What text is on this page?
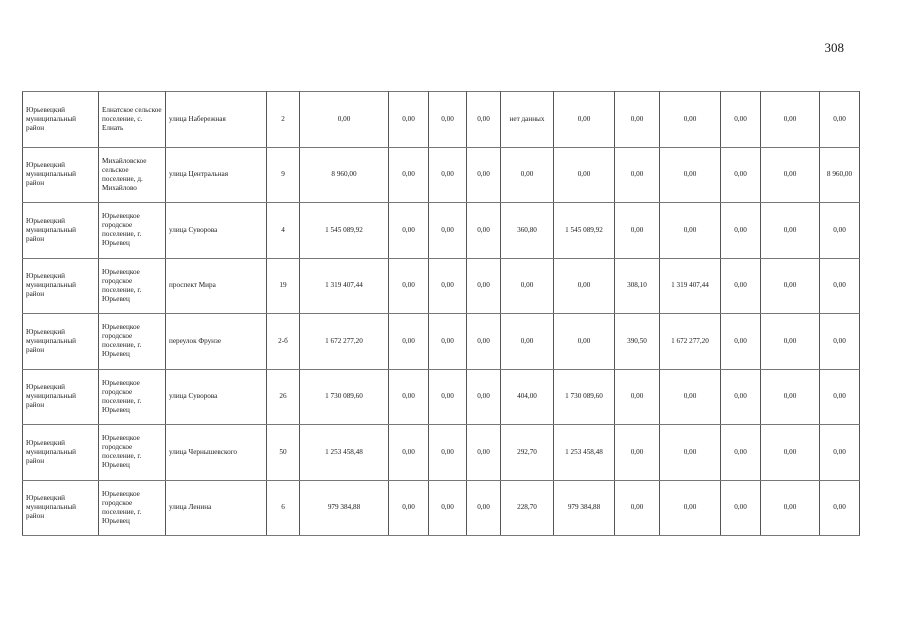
308
Юрьевецкий муниципальный район	Елнатское сельское поселение, с. Елнать	улица Набережная	2	0,00	0,00	0,00	0,00	нет данных	0,00	0,00	0,00	0,00	0,00	0,00
Юрьевецкий муниципальный район	Михайловское сельское поселение, д. Михайлово	улица Центральная	9	8 960,00	0,00	0,00	0,00	0,00	0,00	0,00	0,00	0,00	0,00	8 960,00
Юрьевецкий муниципальный район	Юрьевецкое городское поселение, г. Юрьевец	улица Суворова	4	1 545 089,92	0,00	0,00	0,00	360,80	1 545 089,92	0,00	0,00	0,00	0,00	0,00
Юрьевецкий муниципальный район	Юрьевецкое городское поселение, г. Юрьевец	проспект Мира	19	1 319 407,44	0,00	0,00	0,00	0,00	0,00	308,10	1 319 407,44	0,00	0,00	0,00
Юрьевецкий муниципальный район	Юрьевецкое городское поселение, г. Юрьевец	переулок Фрунзе	2-б	1 672 277,20	0,00	0,00	0,00	0,00	0,00	390,50	1 672 277,20	0,00	0,00	0,00
Юрьевецкий муниципальный район	Юрьевецкое городское поселение, г. Юрьевец	улица Суворова	26	1 730 089,60	0,00	0,00	0,00	404,00	1 730 089,60	0,00	0,00	0,00	0,00	0,00
Юрьевецкий муниципальный район	Юрьевецкое городское поселение, г. Юрьевец	улица Чернышевского	50	1 253 458,48	0,00	0,00	0,00	292,70	1 253 458,48	0,00	0,00	0,00	0,00	0,00
Юрьевецкий муниципальный район	Юрьевецкое городское поселение, г. Юрьевец	улица Ленина	6	979 384,88	0,00	0,00	0,00	228,70	979 384,88	0,00	0,00	0,00	0,00	0,00
